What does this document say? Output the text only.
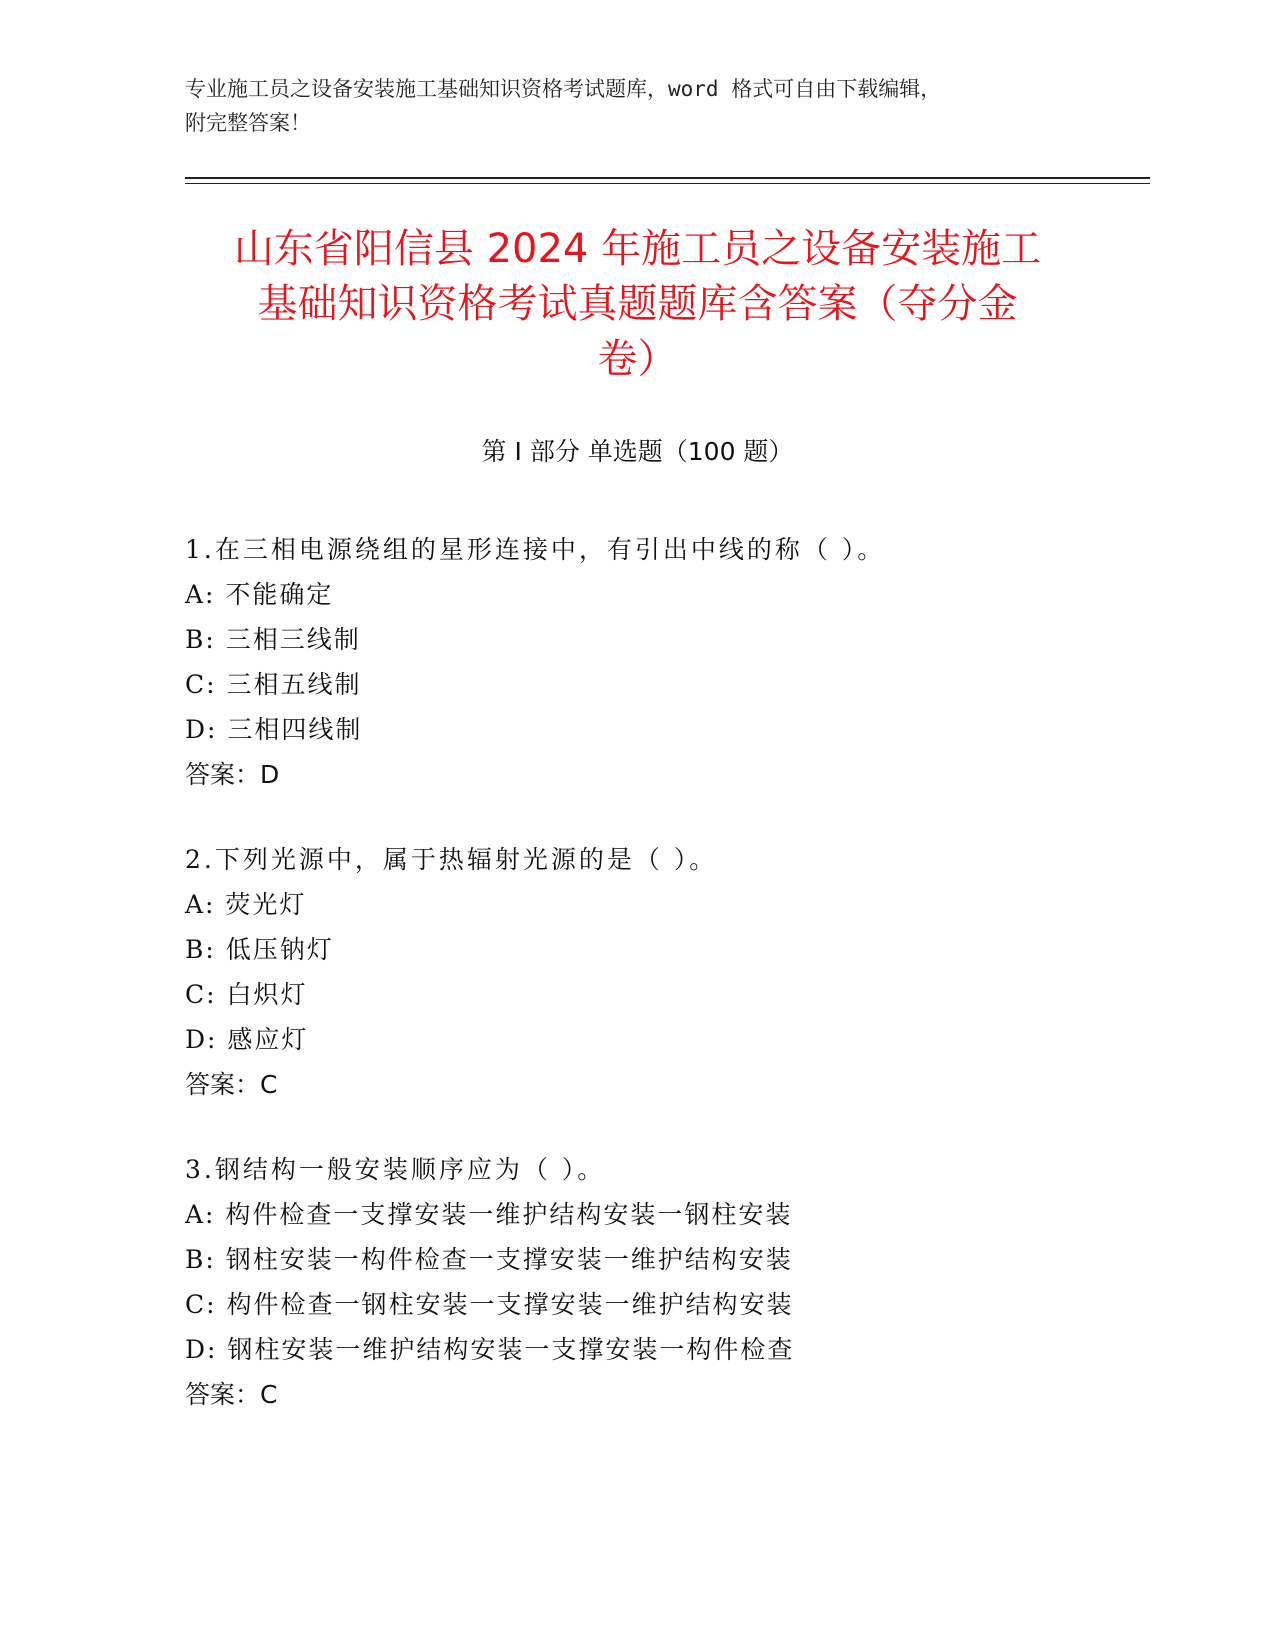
专业施工员之设备安装施工基础知识资格考试题库，word 格式可自由下载编辑，
附完整答案！
山东省阳信县 2024 年施工员之设备安装施工
基础知识资格考试真题题库含答案（夺分金
卷）
第 I 部分 单选题（100 题）
1.在三相电源绕组的星形连接中，有引出中线的称（ ）。
A: 不能确定
B: 三相三线制
C: 三相五线制
D: 三相四线制
答案：D
2.下列光源中，属于热辐射光源的是（ ）。
A: 荧光灯
B: 低压钠灯
C: 白炽灯
D: 感应灯
答案：C
3.钢结构一般安装顺序应为（ ）。
A: 构件检查一支撑安装一维护结构安装一钢柱安装
B: 钢柱安装一构件检查一支撑安装一维护结构安装
C: 构件检查一钢柱安装一支撑安装一维护结构安装
D: 钢柱安装一维护结构安装一支撑安装一构件检查
答案：C
